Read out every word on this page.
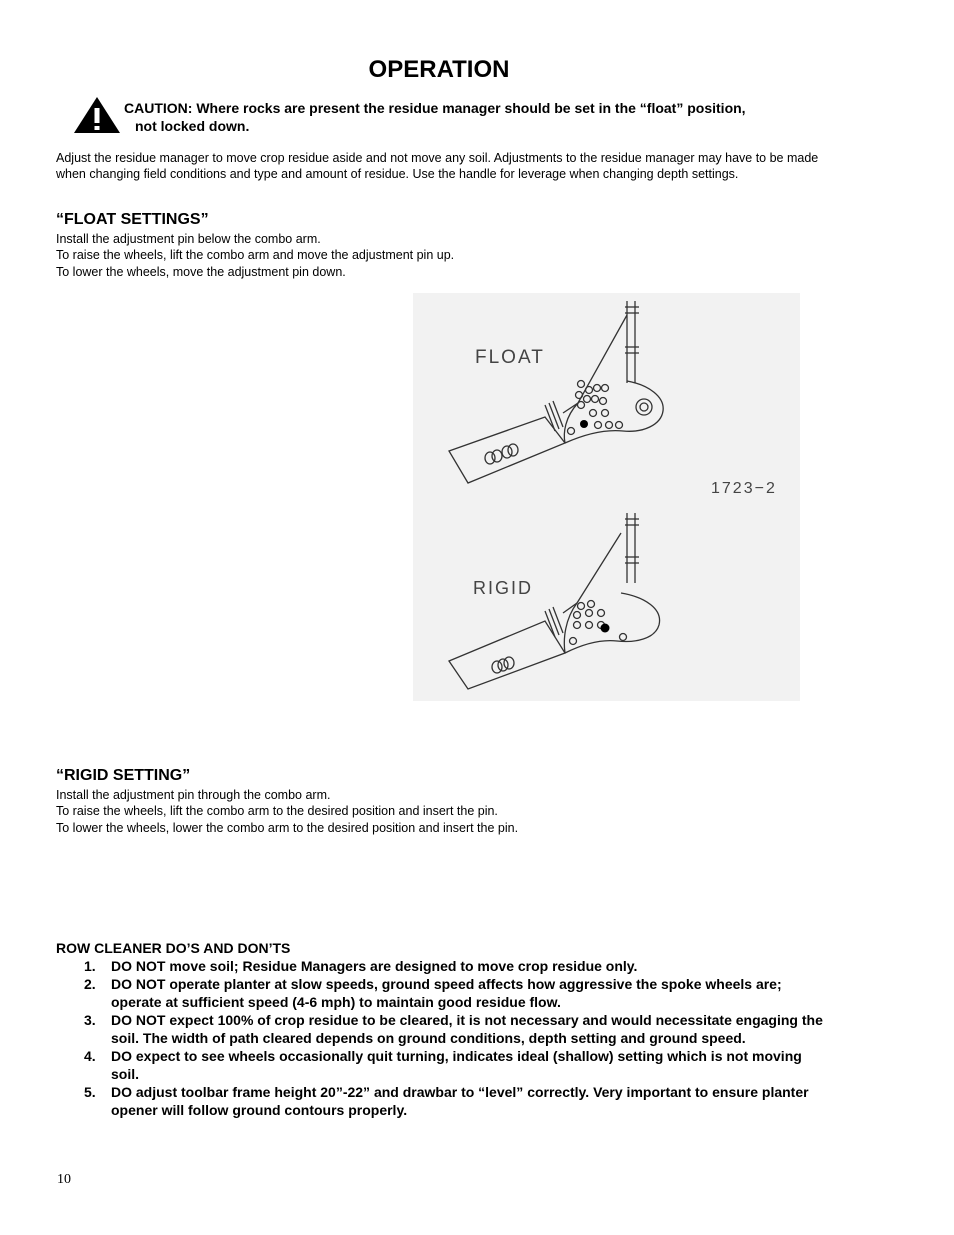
OPERATION
CAUTION: Where rocks are present the residue manager should be set in the “float” position,
not locked down.
Adjust the residue manager to move crop residue aside and not move any soil. Adjustments to the residue manager may have to be made when changing field conditions and type and amount of residue. Use the handle for leverage when changing depth settings.
“FLOAT SETTINGS”
Install the adjustment pin below the combo arm.
To raise the wheels, lift the combo arm and move the adjustment pin up.
To lower the wheels, move the adjustment pin down.
FLOAT
1723−2
RIGID
“RIGID SETTING”
Install the adjustment pin through the combo arm.
To raise the wheels, lift the combo arm to the desired position and insert the pin.
To lower the wheels, lower the combo arm to the desired position and insert the pin.
ROW CLEANER DO’S AND DON’TS
1. DO NOT move soil; Residue Managers are designed to move crop residue only.
2. DO NOT operate planter at slow speeds, ground speed affects how aggressive the spoke wheels are; operate at sufficient speed (4-6 mph) to maintain good residue flow.
3. DO NOT expect 100% of crop residue to be cleared, it is not necessary and would necessitate engaging the soil. The width of path cleared depends on ground conditions, depth setting and ground speed.
4. DO expect to see wheels occasionally quit turning, indicates ideal (shallow) setting which is not moving soil.
5. DO adjust toolbar frame height 20”-22” and drawbar to “level” correctly. Very important to ensure planter opener will follow ground contours properly.
10
